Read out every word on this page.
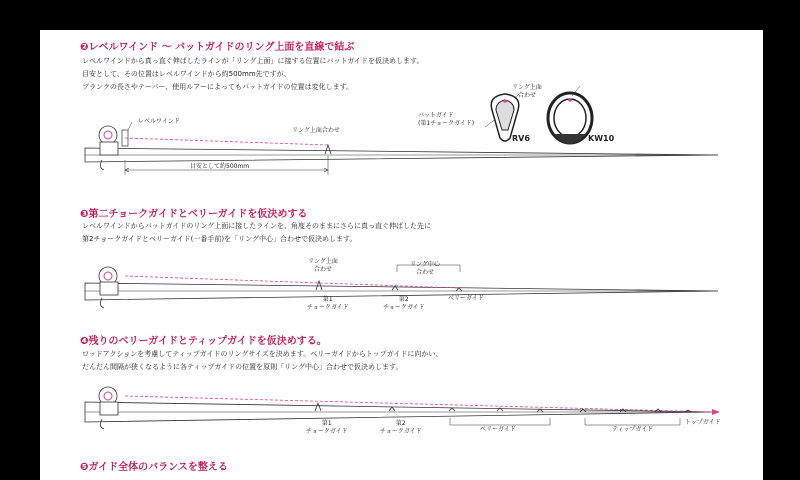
❷レベルワインド 〜 バットガイドのリング上面を直線で結ぶ
レベルワインドから真っ直ぐ伸ばしたラインが「リング上面」に接する位置にバットガイドを仮決めします。
目安として、その位置はレベルワインドから約500mm先ですが、
ブランクの長さやテーパー、使用ルアーによってもバットガイドの位置は変化します。
レベルワインド
リング上面合わせ
目安として約500mm
バットガイド
(第1チョークガイド)
リング上面
合わせ
RV6	KW10
❸第二チョークガイドとベリーガイドを仮決めする
レベルワインドからバットガイドのリング上面に接したラインを、角度そのままにさらに真っ直ぐ伸ばした先に
第2チョークガイドとベリーガイド(一番手前)を「リング中心」合わせで仮決めします。
リング上面
合わせ
リング中心
合わせ
第1
チョークガイド
第2
チョークガイド
ベリーガイド
❹残りのベリーガイドとティップガイドを仮決めする。
ロッドアクションを考慮してティップガイドのリングサイズを決めます。ベリーガイドからトップガイドに向かい、
だんだん間隔が狭くなるように各ティップガイドの位置を原則「リング中心」合わせで仮決めします。
第1
チョークガイド
第2
チョークガイド	ベリーガイド	ティップガイド
トップガイド
❺ガイド全体のバランスを整える
